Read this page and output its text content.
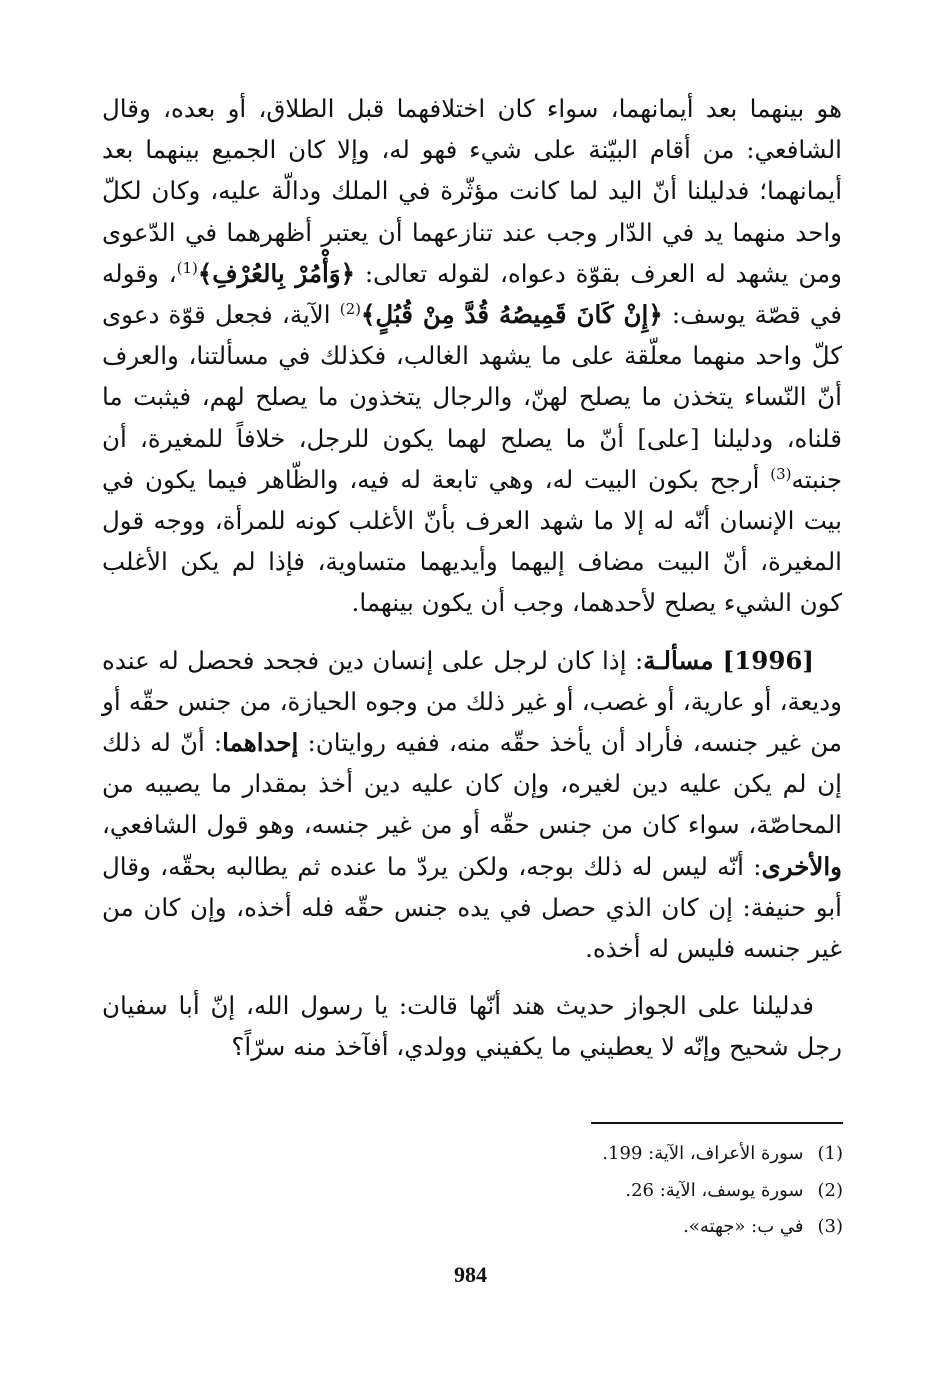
هو بينهما بعد أيمانهما، سواء كان اختلافهما قبل الطلاق، أو بعده، وقال الشافعي: من أقام البيّنة على شيء فهو له، وإلا كان الجميع بينهما بعد أيمانهما؛ فدليلنا أنّ اليد لما كانت مؤثّرة في الملك ودالّة عليه، وكان لكلّ واحد منهما يد في الدّار وجب عند تنازعهما أن يعتبر أظهرهما في الدّعوى ومن يشهد له العرف بقوّة دعواه، لقوله تعالى: ﴿وَأْمُرْ بِالعُرْفِ﴾$^{(1)}$، وقوله في قصّة يوسف: ﴿إِنْ كَانَ قَمِيصُهُ قُدَّ مِنْ قُبُلٍ﴾$^{(2)}$ الآية، فجعل قوّة دعوى كلّ واحد منهما معلّقة على ما يشهد الغالب، فكذلك في مسألتنا، والعرف أنّ النّساء يتخذن ما يصلح لهنّ، والرجال يتخذون ما يصلح لهم، فيثبت ما قلناه، ودليلنا [على] أنّ ما يصلح لهما يكون للرجل، خلافاً للمغيرة، أن جنبته$^{(3)}$ أرجح بكون البيت له، وهي تابعة له فيه، والظّاهر فيما يكون في بيت الإنسان أنّه له إلا ما شهد العرف بأنّ الأغلب كونه للمرأة، ووجه قول المغيرة، أنّ البيت مضاف إليهما وأيديهما متساوية، فإذا لم يكن الأغلب كون الشيء يصلح لأحدهما، وجب أن يكون بينهما.

[1996] مسألـة: إذا كان لرجل على إنسان دين فجحد فحصل له عنده وديعة، أو عارية، أو غصب، أو غير ذلك من وجوه الحيازة، من جنس حقّه أو من غير جنسه، فأراد أن يأخذ حقّه منه، ففيه روايتان: إحداهما: أنّ له ذلك إن لم يكن عليه دين لغيره، وإن كان عليه دين أخذ بمقدار ما يصيبه من المحاصّة، سواء كان من جنس حقّه أو من غير جنسه، وهو قول الشافعي، والأخرى: أنّه ليس له ذلك بوجه، ولكن يردّ ما عنده ثم يطالبه بحقّه، وقال أبو حنيفة: إن كان الذي حصل في يده جنس حقّه فله أخذه، وإن كان من غير جنسه فليس له أخذه.

فدليلنا على الجواز حديث هند أنّها قالت: يا رسول الله، إنّ أبا سفيان رجل شحيح وإنّه لا يعطيني ما يكفيني وولدي، أفآخذ منه سرّاً؟

(1)سورة الأعراف، الآية: 199.
(2)سورة يوسف، الآية: 26.
(3)في ب: «جهته».
984
